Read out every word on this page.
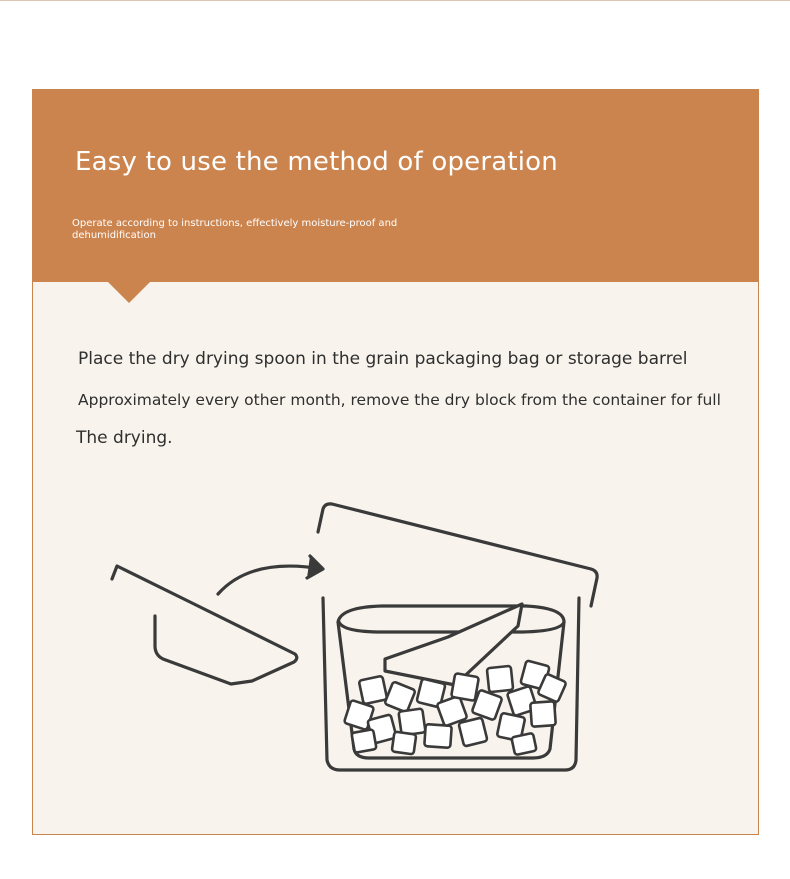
Easy to use the method of operation
Operate according to instructions, effectively moisture-proof and dehumidification
Place the dry drying spoon in the grain packaging bag or storage barrel
Approximately every other month, remove the dry block from the container for full
The drying.
